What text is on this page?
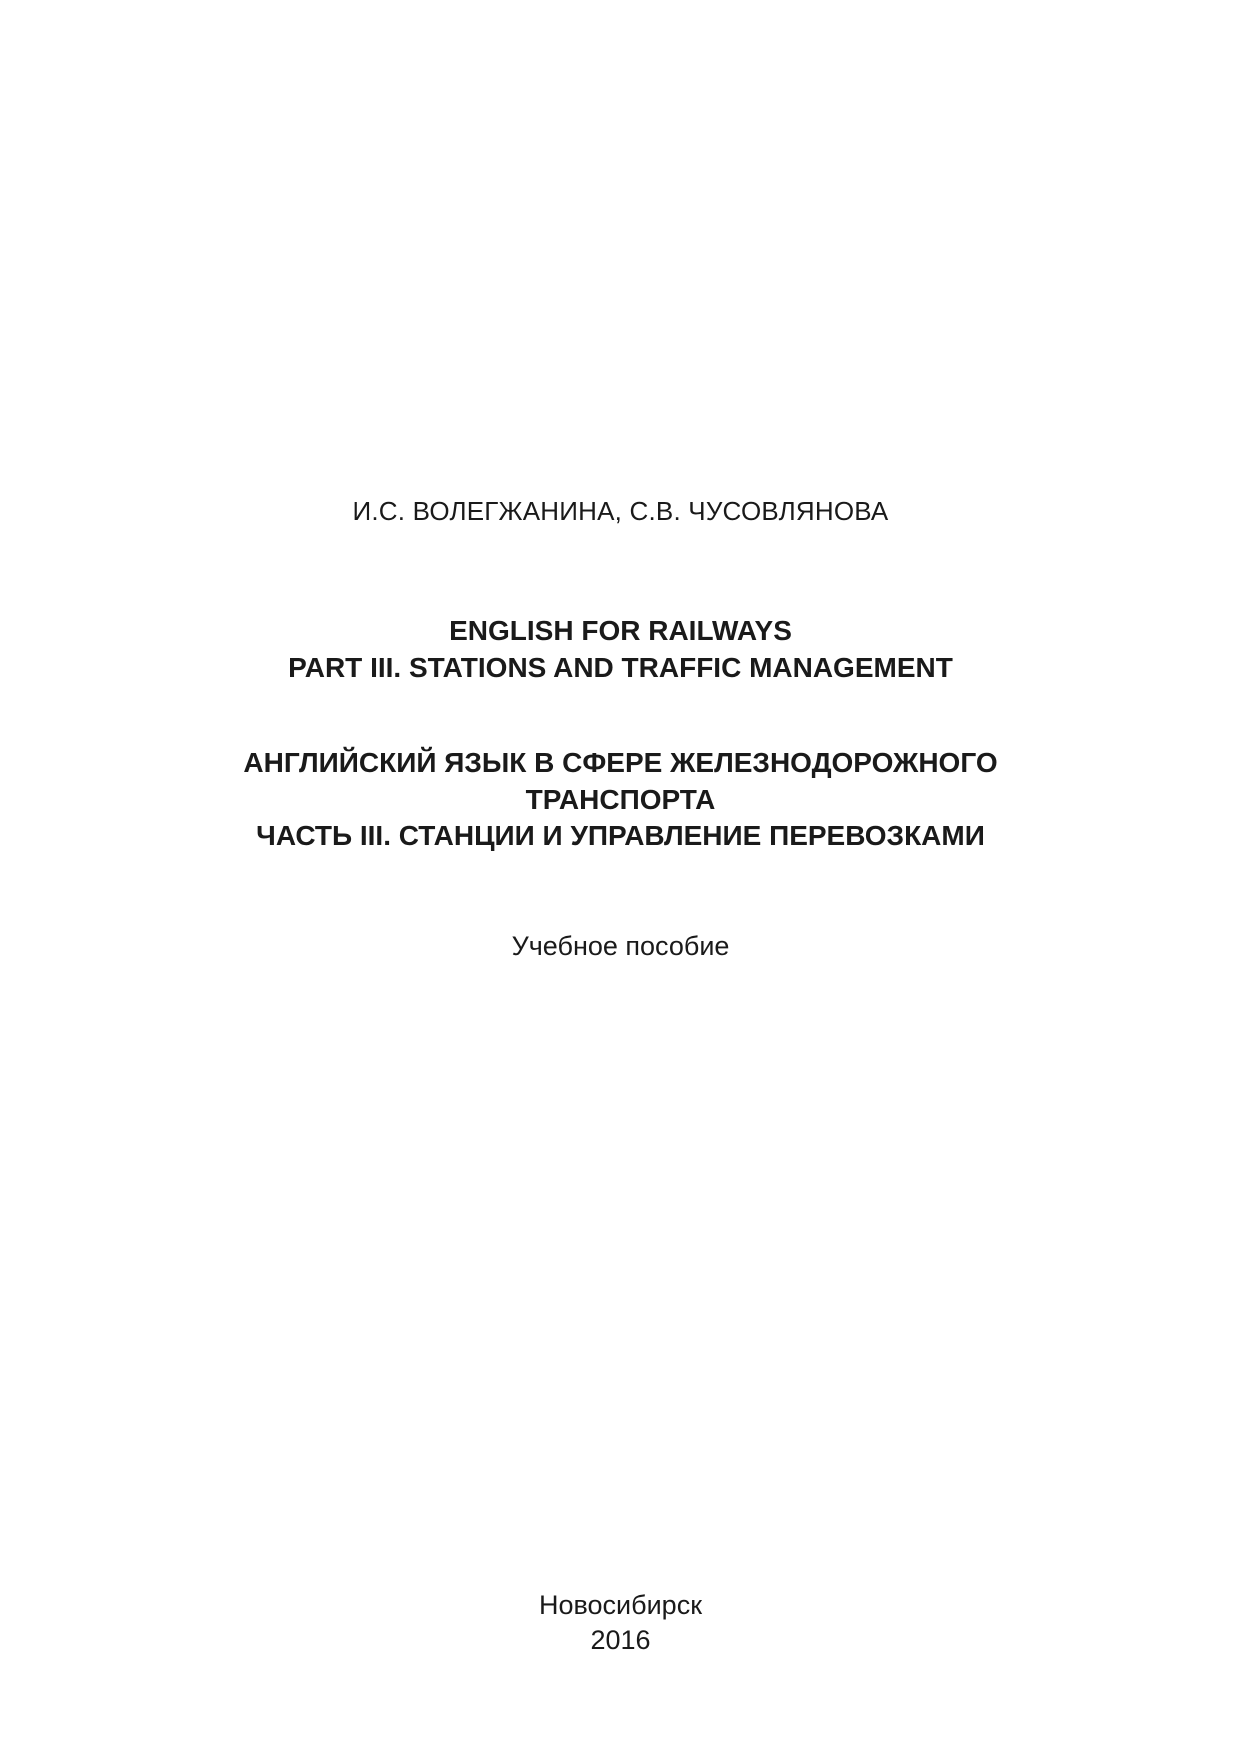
И.С. ВОЛЕГЖАНИНА, С.В. ЧУСОВЛЯНОВА
ENGLISH FOR RAILWAYS
PART III. STATIONS AND TRAFFIC MANAGEMENT
АНГЛИЙСКИЙ ЯЗЫК В СФЕРЕ ЖЕЛЕЗНОДОРОЖНОГО
ТРАНСПОРТА
ЧАСТЬ III. СТАНЦИИ И УПРАВЛЕНИЕ ПЕРЕВОЗКАМИ
Учебное пособие
Новосибирск
2016
